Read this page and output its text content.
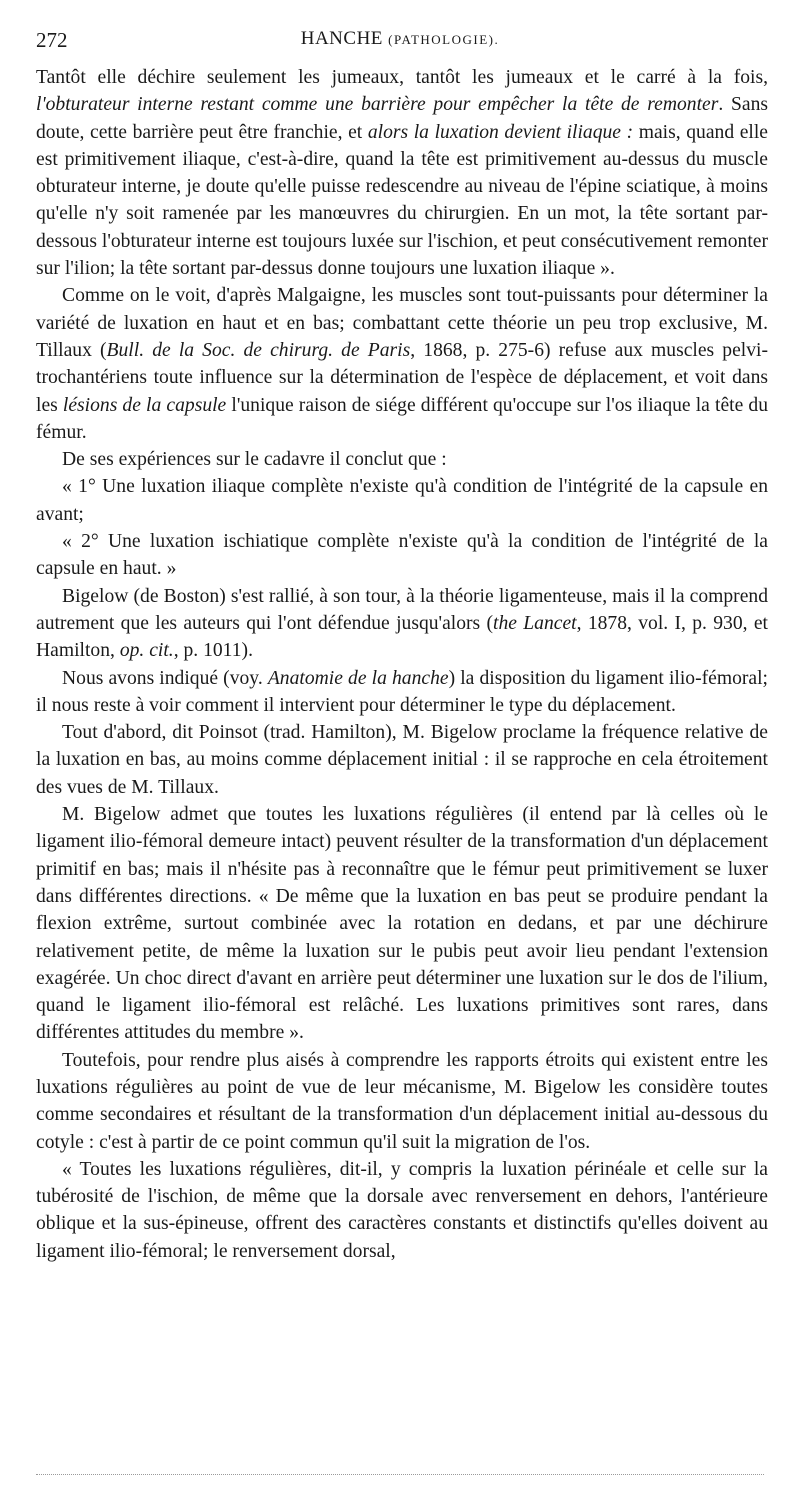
272	HANCHE (PATHOLOGIE).

Tantôt elle déchire seulement les jumeaux, tantôt les jumeaux et le carré à la fois, l'obturateur interne restant comme une barrière pour empêcher la tête de remonter. Sans doute, cette barrière peut être franchie, et alors la luxation devient iliaque : mais, quand elle est primitivement iliaque, c'est-à-dire, quand la tête est primitivement au-dessus du muscle obturateur interne, je doute qu'elle puisse redescendre au niveau de l'épine sciatique, à moins qu'elle n'y soit ramenée par les manœuvres du chirurgien. En un mot, la tête sortant par-dessous l'obturateur interne est toujours luxée sur l'ischion, et peut consécutivement remonter sur l'ilion; la tête sortant par-dessus donne toujours une luxation iliaque ».

Comme on le voit, d'après Malgaigne, les muscles sont tout-puissants pour déterminer la variété de luxation en haut et en bas; combattant cette théorie un peu trop exclusive, M. Tillaux (Bull. de la Soc. de chirurg. de Paris, 1868, p. 275-6) refuse aux muscles pelvi-trochantériens toute influence sur la détermination de l'espèce de déplacement, et voit dans les lésions de la capsule l'unique raison de siége différent qu'occupe sur l'os iliaque la tête du fémur.

De ses expériences sur le cadavre il conclut que :

« 1° Une luxation iliaque complète n'existe qu'à condition de l'intégrité de la capsule en avant;

« 2° Une luxation ischiatique complète n'existe qu'à la condition de l'intégrité de la capsule en haut. »

Bigelow (de Boston) s'est rallié, à son tour, à la théorie ligamenteuse, mais il la comprend autrement que les auteurs qui l'ont défendue jusqu'alors (the Lancet, 1878, vol. I, p. 930, et Hamilton, op. cit., p. 1011).

Nous avons indiqué (voy. Anatomie de la hanche) la disposition du ligament ilio-fémoral; il nous reste à voir comment il intervient pour déterminer le type du déplacement.

Tout d'abord, dit Poinsot (trad. Hamilton), M. Bigelow proclame la fréquence relative de la luxation en bas, au moins comme déplacement initial : il se rapproche en cela étroitement des vues de M. Tillaux.

M. Bigelow admet que toutes les luxations régulières (il entend par là celles où le ligament ilio-fémoral demeure intact) peuvent résulter de la transformation d'un déplacement primitif en bas; mais il n'hésite pas à reconnaître que le fémur peut primitivement se luxer dans différentes directions. « De même que la luxation en bas peut se produire pendant la flexion extrême, surtout combinée avec la rotation en dedans, et par une déchirure relativement petite, de même la luxation sur le pubis peut avoir lieu pendant l'extension exagérée. Un choc direct d'avant en arrière peut déterminer une luxation sur le dos de l'ilium, quand le ligament ilio-fémoral est relâché. Les luxations primitives sont rares, dans différentes attitudes du membre ».

Toutefois, pour rendre plus aisés à comprendre les rapports étroits qui existent entre les luxations régulières au point de vue de leur mécanisme, M. Bigelow les considère toutes comme secondaires et résultant de la transformation d'un déplacement initial au-dessous du cotyle : c'est à partir de ce point commun qu'il suit la migration de l'os.

« Toutes les luxations régulières, dit-il, y compris la luxation périnéale et celle sur la tubérosité de l'ischion, de même que la dorsale avec renversement en dehors, l'antérieure oblique et la sus-épineuse, offrent des caractères constants et distinctifs qu'elles doivent au ligament ilio-fémoral; le renversement dorsal,
